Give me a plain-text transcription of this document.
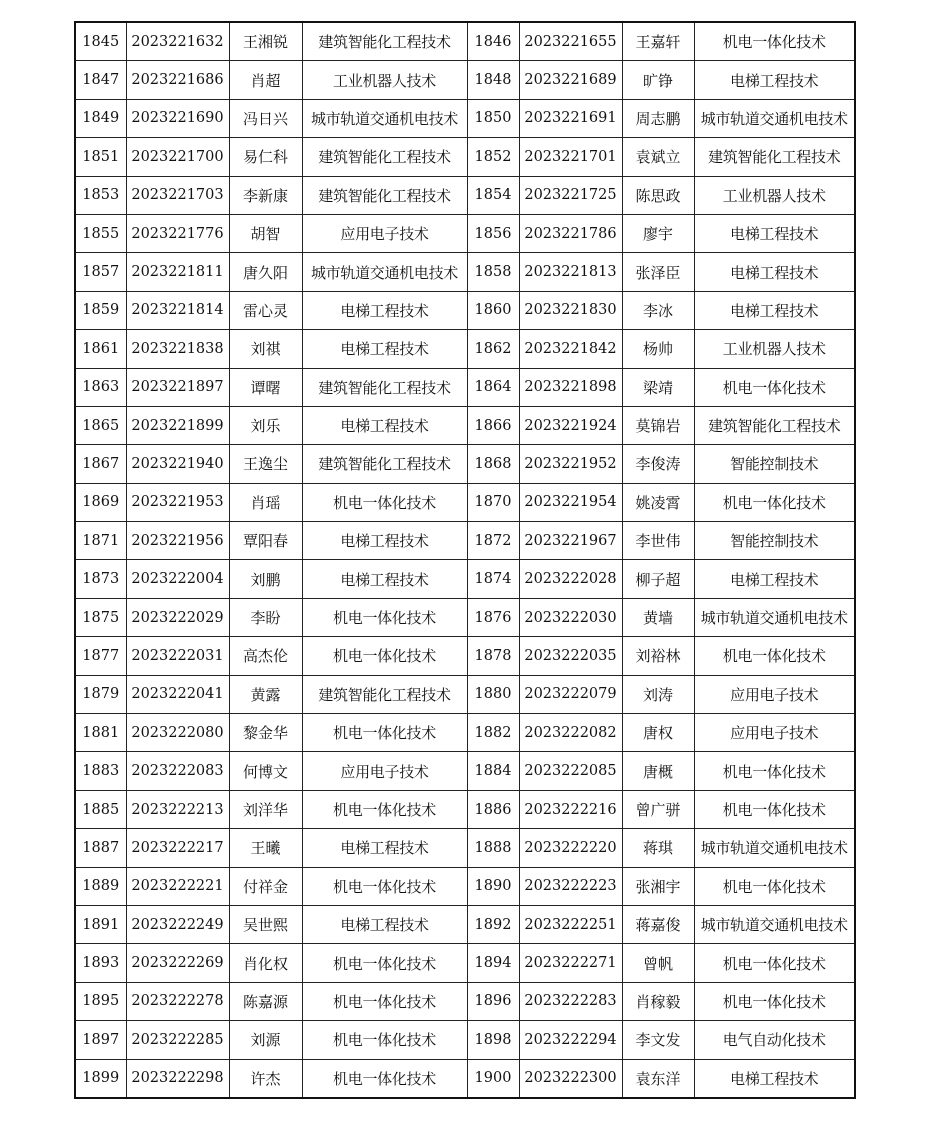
1845	2023221632	王湘锐	建筑智能化工程技术	1846	2023221655	王嘉轩	机电一体化技术
1847	2023221686	肖超	工业机器人技术	1848	2023221689	旷铮	电梯工程技术
1849	2023221690	冯日兴	城市轨道交通机电技术	1850	2023221691	周志鹏	城市轨道交通机电技术
1851	2023221700	易仁科	建筑智能化工程技术	1852	2023221701	袁斌立	建筑智能化工程技术
1853	2023221703	李新康	建筑智能化工程技术	1854	2023221725	陈思政	工业机器人技术
1855	2023221776	胡智	应用电子技术	1856	2023221786	廖宇	电梯工程技术
1857	2023221811	唐久阳	城市轨道交通机电技术	1858	2023221813	张泽臣	电梯工程技术
1859	2023221814	雷心灵	电梯工程技术	1860	2023221830	李冰	电梯工程技术
1861	2023221838	刘祺	电梯工程技术	1862	2023221842	杨帅	工业机器人技术
1863	2023221897	谭曙	建筑智能化工程技术	1864	2023221898	梁靖	机电一体化技术
1865	2023221899	刘乐	电梯工程技术	1866	2023221924	莫锦岩	建筑智能化工程技术
1867	2023221940	王逸尘	建筑智能化工程技术	1868	2023221952	李俊涛	智能控制技术
1869	2023221953	肖瑶	机电一体化技术	1870	2023221954	姚凌霄	机电一体化技术
1871	2023221956	覃阳春	电梯工程技术	1872	2023221967	李世伟	智能控制技术
1873	2023222004	刘鹏	电梯工程技术	1874	2023222028	柳子超	电梯工程技术
1875	2023222029	李盼	机电一体化技术	1876	2023222030	黄墙	城市轨道交通机电技术
1877	2023222031	高杰伦	机电一体化技术	1878	2023222035	刘裕林	机电一体化技术
1879	2023222041	黄露	建筑智能化工程技术	1880	2023222079	刘涛	应用电子技术
1881	2023222080	黎金华	机电一体化技术	1882	2023222082	唐权	应用电子技术
1883	2023222083	何博文	应用电子技术	1884	2023222085	唐概	机电一体化技术
1885	2023222213	刘洋华	机电一体化技术	1886	2023222216	曾广骈	机电一体化技术
1887	2023222217	王曦	电梯工程技术	1888	2023222220	蒋琪	城市轨道交通机电技术
1889	2023222221	付祥金	机电一体化技术	1890	2023222223	张湘宇	机电一体化技术
1891	2023222249	吴世熙	电梯工程技术	1892	2023222251	蒋嘉俊	城市轨道交通机电技术
1893	2023222269	肖化权	机电一体化技术	1894	2023222271	曾帆	机电一体化技术
1895	2023222278	陈嘉源	机电一体化技术	1896	2023222283	肖稼毅	机电一体化技术
1897	2023222285	刘源	机电一体化技术	1898	2023222294	李文发	电气自动化技术
1899	2023222298	许杰	机电一体化技术	1900	2023222300	袁东洋	电梯工程技术
